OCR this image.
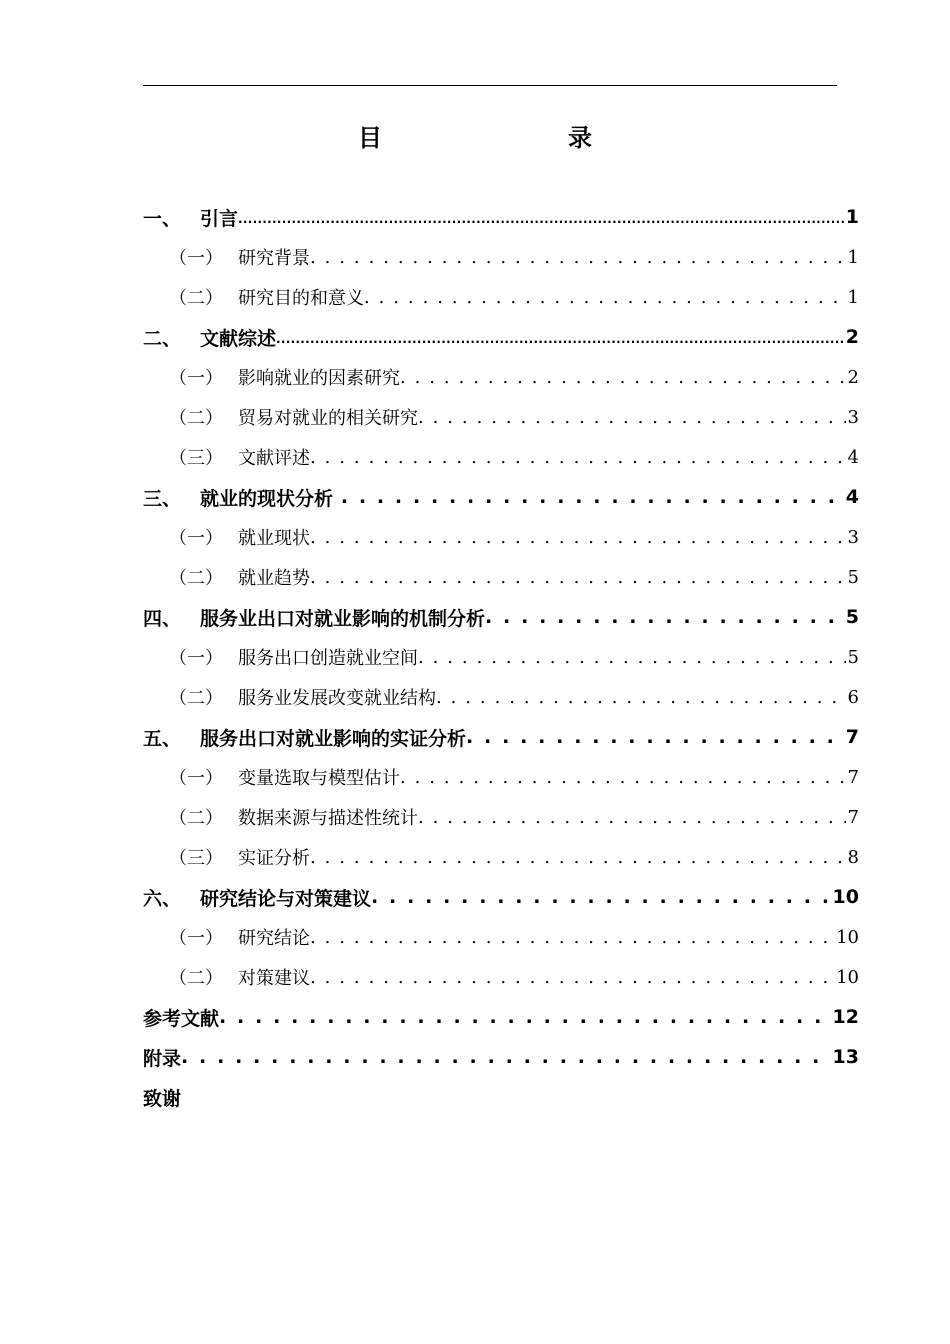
目　　录
一、 引言 .....	1
（一） 研究背景 . . .	1
（二） 研究目的和意义 . . .	1
二、 文献综述 .....	2
（一） 影响就业的因素研究 . . .	2
（二） 贸易对就业的相关研究 . . .	3
（三） 文献评述 . . .	4
三、 就业的现状分析 . . .	4
（一） 就业现状 . . .	3
（二） 就业趋势 . . .	5
四、 服务业出口对就业影响的机制分析 . . .	5
（一） 服务出口创造就业空间 . . .	5
（二） 服务业发展改变就业结构 . . .	6
五、 服务出口对就业影响的实证分析 . . .	7
（一） 变量选取与模型估计 . . .	7
（二） 数据来源与描述性统计 . . .	7
（三） 实证分析 . . .	8
六、 研究结论与对策建议 . . .	10
（一） 研究结论 . . .	10
（二） 对策建议 . . .	10
参考文献 . . .	12
附录 . . .	13
致谢
